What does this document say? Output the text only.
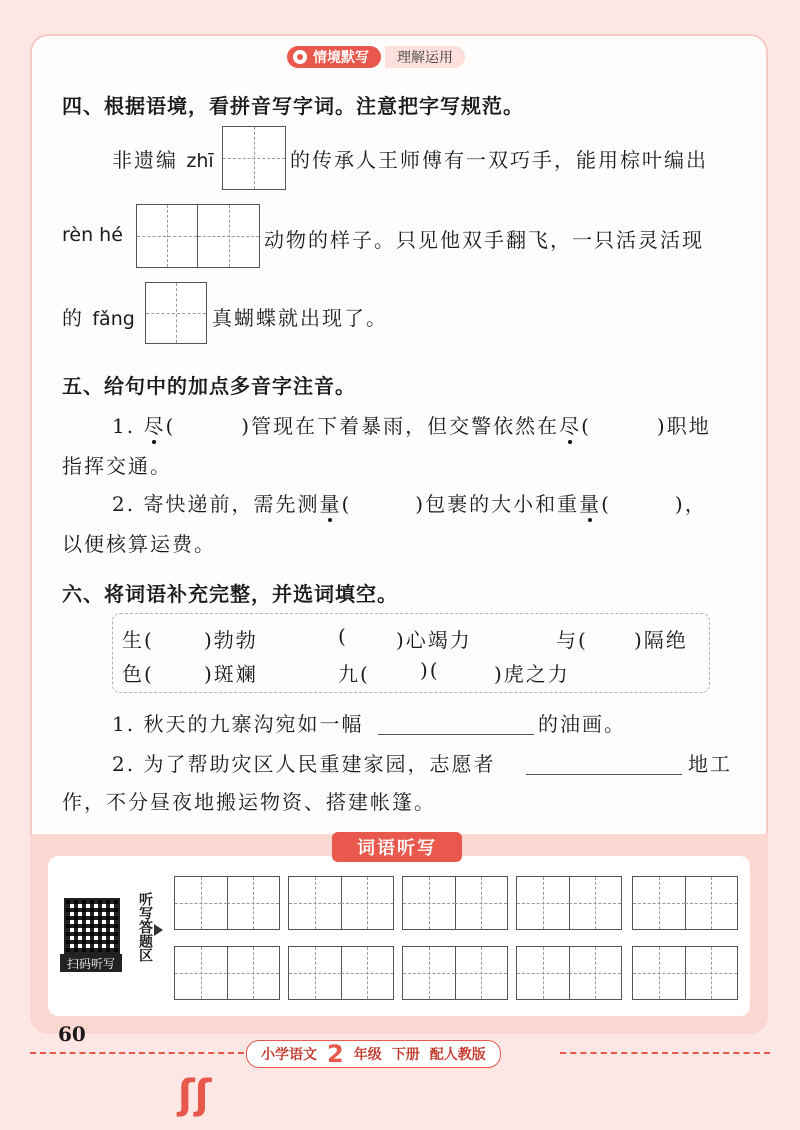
情境默写	理解运用
四、根据语境，看拼音写字词。注意把字写规范。
非遗编 zhī	的传承人王师傅有一双巧手，能用棕叶编出
rèn hé	动物的样子。只见他双手翻飞，一只活灵活现
的 fǎng	真蝴蝶就出现了。
五、给句中的加点多音字注音。
1. 尽(	)管现在下着暴雨，但交警依然在尽(	)职地
指挥交通。
2. 寄快递前，需先测量(	)包裹的大小和重量(	)，
以便核算运费。
六、将词语补充完整，并选词填空。
生(	)勃勃	( )心竭力	与( )隔绝
色(	)斑斓	九(	)(	)虎之力
1. 秋天的九寨沟宛如一幅	的油画。
2. 为了帮助灾区人民重建家园，志愿者	地工
作，不分昼夜地搬运物资、搭建帐篷。
词语听写
扫码听写
听写答题区
60
小学语文 2 年级 下册 配人教版
ʃʃ
